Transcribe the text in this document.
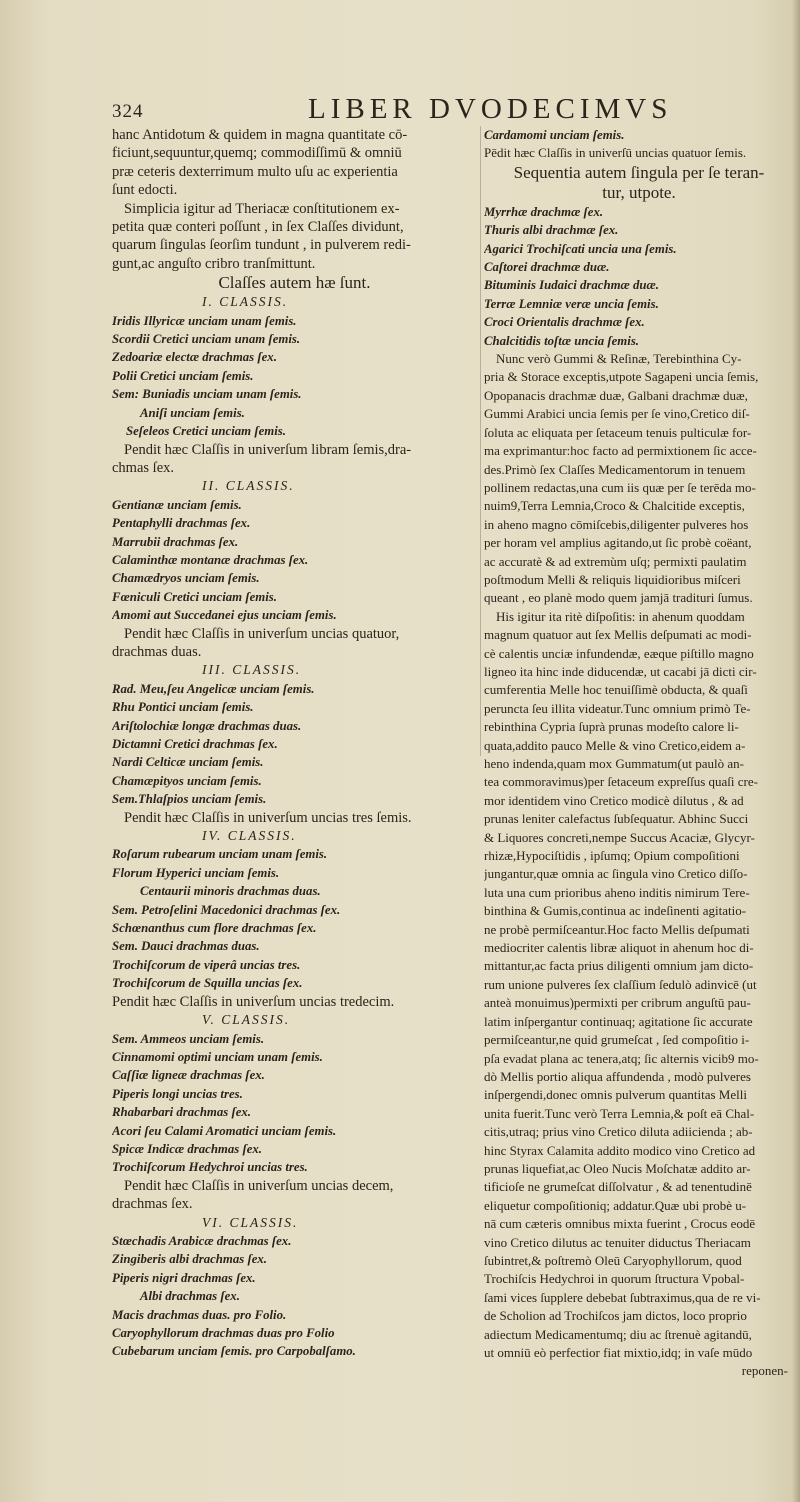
324	LIBER DVODECIMVS
hanc Antidotum & quidem in magna quantitate cō-
ficiunt,sequuntur,quemq; commodiſſimū & omniū
præ ceteris dexterrimum multo uſu ac experientia
ſunt edocti.
Simplicia igitur ad Theriacæ conſtitutionem ex-
petita quæ conteri poſſunt , in ſex Claſſes dividunt,
quarum ſingulas ſeorſim tundunt , in pulverem redi-
gunt,ac anguſto cribro tranſmittunt.
Claſſes autem hæ ſunt.
I. CLASSIS.
Iridis Illyricæ unciam unam ſemis.
Scordii Cretici unciam unam ſemis.
Zedoariæ electæ drachmas ſex.
Polii Cretici unciam ſemis.
Sem: Buniadis unciam unam ſemis.
Aniſi unciam ſemis.
Seſeleos Cretici unciam ſemis.
Pendit hæc Claſſis in univerſum libram ſemis,dra-
chmas ſex.
II. CLASSIS.
Gentianæ unciam ſemis.
Pentaphylli drachmas ſex.
Marrubii drachmas ſex.
Calaminthæ montanæ drachmas ſex.
Chamædryos unciam ſemis.
Fœniculi Cretici unciam ſemis.
Amomi aut Succedanei ejus unciam ſemis.
Pendit hæc Claſſis in univerſum uncias quatuor,
drachmas duas.
III. CLASSIS.
Rad. Meu,ſeu Angelicæ unciam ſemis.
Rhu Pontici unciam ſemis.
Ariſtolochiæ longæ drachmas duas.
Dictamni Cretici drachmas ſex.
Nardi Celticæ unciam ſemis.
Chamæpityos unciam ſemis.
Sem.Thlaſpios unciam ſemis.
Pendit hæc Claſſis in univerſum uncias tres ſemis.
IV. CLASSIS.
Roſarum rubearum unciam unam ſemis.
Florum Hyperici unciam ſemis.
Centaurii minoris drachmas duas.
Sem. Petroſelini Macedonici drachmas ſex.
Schœnanthus cum flore drachmas ſex.
Sem. Dauci drachmas duas.
Trochiſcorum de viperâ uncias tres.
Trochiſcorum de Squilla uncias ſex.
Pendit hæc Claſſis in univerſum uncias tredecim.
V. CLASSIS.
Sem. Ammeos unciam ſemis.
Cinnamomi optimi unciam unam ſemis.
Caſſiæ ligneæ drachmas ſex.
Piperis longi uncias tres.
Rhabarbari drachmas ſex.
Acori ſeu Calami Aromatici unciam ſemis.
Spicæ Indicæ drachmas ſex.
Trochiſcorum Hedychroi uncias tres.
Pendit hæc Claſſis in univerſum uncias decem,
drachmas ſex.
VI. CLASSIS.
Stœchadis Arabicæ drachmas ſex.
Zingiberis albi drachmas ſex.
Piperis nigri drachmas ſex.
Albi drachmas ſex.
Macis drachmas duas. pro Folio.
Caryophyllorum drachmas duas pro Folio
Cubebarum unciam ſemis. pro Carpobalſamo.
Cardamomi unciam ſemis.
Pēdit hæc Claſſis in univerſū uncias quatuor ſemis.
Sequentia autem ſingula per ſe teran-
tur, utpote.
Myrrhæ drachmæ ſex.
Thuris albi drachmæ ſex.
Agarici Trochiſcati uncia una ſemis.
Caſtorei drachmæ duæ.
Bituminis Iudaici drachmæ duæ.
Terræ Lemniæ veræ uncia ſemis.
Croci Orientalis drachmæ ſex.
Chalcitidis toſtæ uncia ſemis.
Nunc verò Gummi & Reſinæ, Terebinthina Cy-
pria & Storace exceptis,utpote Sagapeni uncia ſemis,
Opopanacis drachmæ duæ, Galbani drachmæ duæ,
Gummi Arabici uncia ſemis per ſe vino,Cretico diſ-
ſoluta ac eliquata per ſetaceum tenuis pulticulæ for-
ma exprimantur:hoc facto ad permixtionem ſic acce-
des.Primò ſex Claſſes Medicamentorum in tenuem
pollinem redactas,una cum iis quæ per ſe terēda mo-
nuim9,Terra Lemnia,Croco & Chalcitide exceptis,
in aheno magno cōmiſcebis,diligenter pulveres hos
per horam vel amplius agitando,ut ſic probè coëant,
ac accuratè & ad extremùm uſq; permixti paulatim
poſtmodum Melli & reliquis liquidioribus miſceri
queant , eo planè modo quem jamjā tradituri ſumus.
His igitur ita ritè diſpoſitis: in ahenum quoddam
magnum quatuor aut ſex Mellis deſpumati ac modi-
cè calentis unciæ infundendæ, eæque piſtillo magno
ligneo ita hinc inde diducendæ, ut cacabi jā dicti cir-
cumferentia Melle hoc tenuiſſimè obducta, & quaſi
perunctа ſeu illita videatur.Tunc omnium primò Te-
rebinthina Cypria ſuprà prunas modeſto calore li-
quata,addito pauco Melle & vino Cretico,eidem a-
heno indenda,quam mox Gummatum(ut paulò an-
tea commoravimus)per ſetaceum expreſſus quaſi cre-
mor identidem vino Cretico modicè dilutus , & ad
prunas leniter calefactus ſubſequatur. Abhinc Succi
& Liquores concreti,nempe Succus Acaciæ, Glycyr-
rhizæ,Hypociſtidis , ipſumq; Opium compoſitioni
jungantur,quæ omnia ac ſingula vino Cretico diſſo-
luta una cum prioribus aheno inditis nimirum Tere-
binthina & Gumis,continua ac indeſinenti agitatio-
ne probè permiſceantur.Hoc facto Mellis deſpumati
mediocriter calentis libræ aliquot in ahenum hoc di-
mittantur,ac facta prius diligenti omnium jam dicto-
rum unione pulveres ſex claſſium ſedulò adinvicē (ut
anteà monuimus)permixti per cribrum anguſtū pau-
latim inſpergantur continuaq; agitatione ſic accurate
permiſceantur,ne quid grumeſcat , ſed compoſitio i-
pſa evadat plana ac tenera,atq; ſic alternis vicib9 mo-
dò Mellis portio aliqua affundenda , modò pulveres
inſpergendi,donec omnis pulverum quantitas Melli
unita fuerit.Tunc verò Terra Lemnia,& poſt eā Chal-
citis,utraq; prius vino Cretico diluta adiicienda ; ab-
hinc Styrax Calamita addito modico vino Cretico ad
prunas liquefiat,ac Oleo Nucis Moſchatæ addito ar-
tificioſe ne grumeſcat diſſolvatur , & ad tenentudinē
eliquetur compoſitioniq; addatur.Quæ ubi probè u-
nā cum cæteris omnibus mixta fuerint , Crocus eodē
vino Cretico dilutus ac tenuiter diductus Theriacam
ſubintret,& poſtremò Oleū Caryophyllorum, quod
Trochiſcis Hedychroi in quorum ſtructura Vpobal-
ſami vices ſupplere debebat ſubtraximus,qua de re vi-
de Scholion ad Trochiſcos jam dictos, loco proprio
adiectum Medicamentumq; diu ac ſtrenuè agitandū,
ut omniū eò perfectior fiat mixtio,idq; in vaſe mūdo
reponen-
